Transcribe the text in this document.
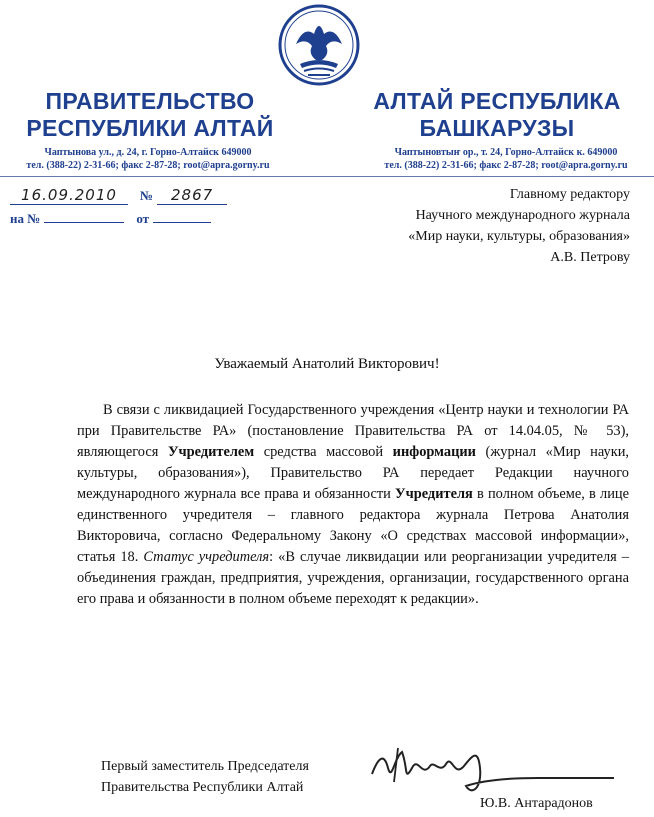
ПРАВИТЕЛЬСТВО
РЕСПУБЛИКИ АЛТАЙ
Чаптынова ул., д. 24, г. Горно-Алтайск 649000
тел. (388-22) 2-31-66; факс 2-87-28; root@apra.gorny.ru
АЛТАЙ РЕСПУБЛИКА
БАШКАРУЗЫ
Чаптыновтыҥ ор., т. 24, Горно-Алтайск к. 649000
тел. (388-22) 2-31-66; факс 2-87-28; root@apra.gorny.ru
16.09.2010 № 2867
на №	от
Главному редактору
Научного международного журнала
«Мир науки, культуры, образования»
А.В. Петрову
Уважаемый Анатолий Викторович!

В связи с ликвидацией Государственного учреждения «Центр науки и технологии РА при Правительстве РА» (постановление Правительства РА от 14.04.05, № 53), являющегося Учредителем средства массовой информации (журнал «Мир науки, культуры, образования»), Правительство РА передает Редакции научного международного журнала все права и обязанности Учредителя в полном объеме, в лице единственного учредителя – главного редактора журнала Петрова Анатолия Викторовича, согласно Федеральному Закону «О средствах массовой информации», статья 18. Статус учредителя: «В случае ликвидации или реорганизации учредителя – объединения граждан, предприятия, учреждения, организации, государственного органа его права и обязанности в полном объеме переходят к редакции».

Первый заместитель Председателя
Правительства Республики Алтай
Ю.В. Антарадонов
